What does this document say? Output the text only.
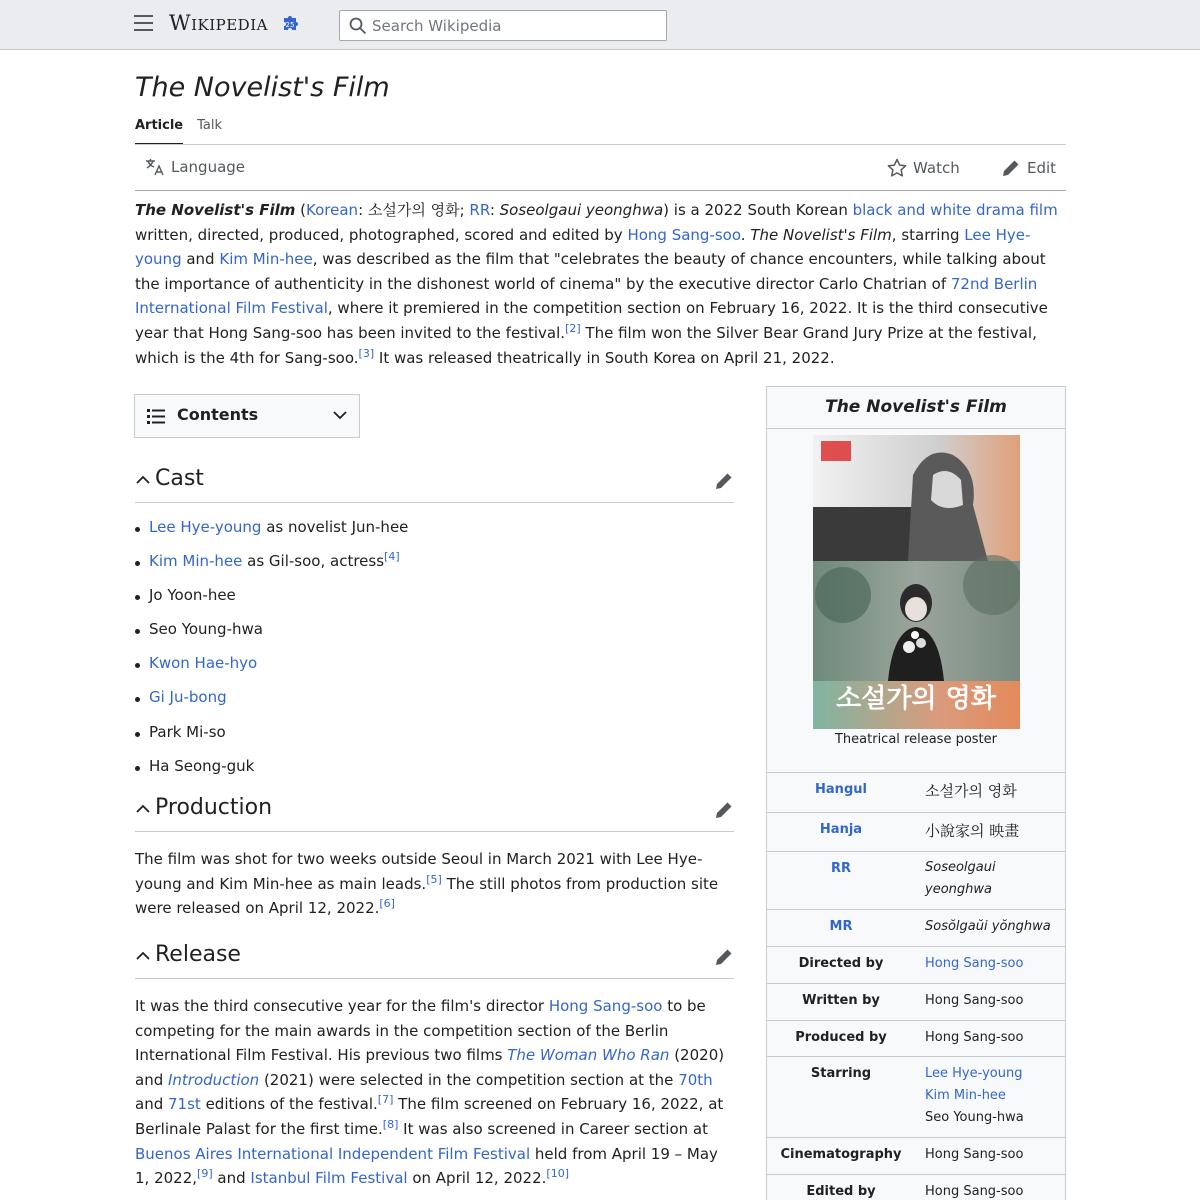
Wikipedia	25
Search Wikipedia
The Novelist's Film
Article Talk
Language	Watch	Edit

The Novelist's Film (Korean: 소설가의 영화; RR: Soseolgaui yeonghwa) is a 2022 South Korean black and white drama film written, directed, produced, photographed, scored and edited by Hong Sang-soo. The Novelist's Film, starring Lee Hye-young and Kim Min-hee, was described as the film that "celebrates the beauty of chance encounters, while talking about the importance of authenticity in the dishonest world of cinema" by the executive director Carlo Chatrian of 72nd Berlin International Film Festival, where it premiered in the competition section on February 16, 2022. It is the third consecutive year that Hong Sang-soo has been invited to the festival.[2] The film won the Silver Bear Grand Jury Prize at the festival, which is the 4th for Sang-soo.[3] It was released theatrically in South Korea on April 21, 2022.

Contents
Cast
Lee Hye-young as novelist Jun-hee
Kim Min-hee as Gil-soo, actress[4]
Jo Yoon-hee
Seo Young-hwa
Kwon Hae-hyo
Gi Ju-bong
Park Mi-so
Ha Seong-guk
Production

The film was shot for two weeks outside Seoul in March 2021 with Lee Hye-young and Kim Min-hee as main leads.[5] The still photos from production site were released on April 12, 2022.[6]

Release

It was the third consecutive year for the film's director Hong Sang-soo to be competing for the main awards in the competition section of the Berlin International Film Festival. His previous two films The Woman Who Ran (2020) and Introduction (2021) were selected in the competition section at the 70th and 71st editions of the festival.[7] The film screened on February 16, 2022, at Berlinale Palast for the first time.[8] It was also screened in Career section at Buenos Aires International Independent Film Festival held from April 19 – May 1, 2022,[9] and Istanbul Film Festival on April 12, 2022.[10]

The Novelist's Film
소설가의 영화
Theatrical release poster
Hangul	소설가의 영화
Hanja	小說家의 映畫
RR	Soseolgaui yeonghwa
MR	Sosŏlgaŭi yŏnghwa
Directed by	Hong Sang-soo
Written by	Hong Sang-soo
Produced by	Hong Sang-soo
Starring	Lee Hye-young
Kim Min-hee
Seo Young-hwa
Cinematography	Hong Sang-soo
Edited by	Hong Sang-soo
